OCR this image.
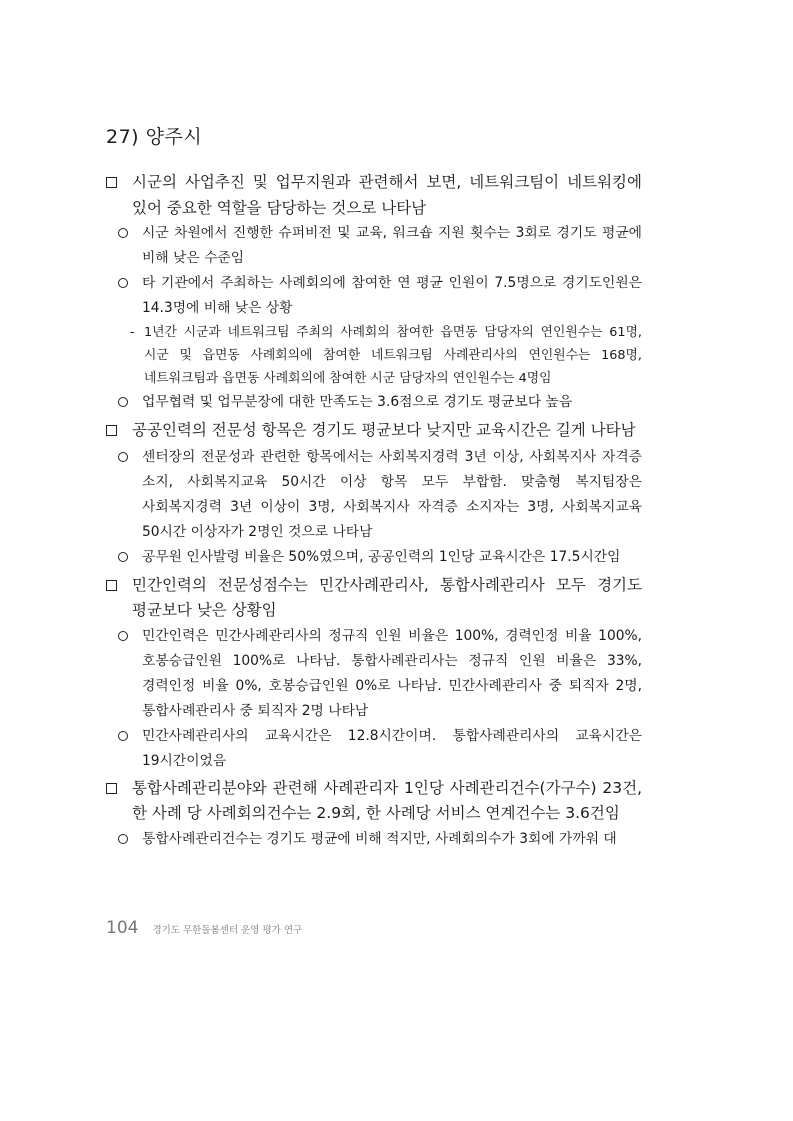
27) 양주시
시군의 사업추진 및 업무지원과 관련해서 보면, 네트워크팀이 네트워킹에 있어 중요한 역할을 담당하는 것으로 나타남
시군 차원에서 진행한 슈퍼비전 및 교육, 워크숍 지원 횟수는 3회로 경기도 평균에 비해 낮은 수준임
타 기관에서 주최하는 사례회의에 참여한 연 평균 인원이 7.5명으로 경기도인원은 14.3명에 비해 낮은 상황
- 1년간 시군과 네트워크팀 주최의 사례회의 참여한 읍면동 담당자의 연인원수는 61명, 시군 및 읍면동 사례회의에 참여한 네트워크팀 사례관리사의 연인원수는 168명, 네트워크팀과 읍면동 사례회의에 참여한 시군 담당자의 연인원수는 4명임
업무협력 및 업무분장에 대한 만족도는 3.6점으로 경기도 평균보다 높음
공공인력의 전문성 항목은 경기도 평균보다 낮지만 교육시간은 길게 나타남
센터장의 전문성과 관련한 항목에서는 사회복지경력 3년 이상, 사회복지사 자격증 소지, 사회복지교육 50시간 이상 항목 모두 부합함. 맞춤형 복지팀장은 사회복지경력 3년 이상이 3명, 사회복지사 자격증 소지자는 3명, 사회복지교육 50시간 이상자가 2명인 것으로 나타남
공무원 인사발령 비율은 50%였으며, 공공인력의 1인당 교육시간은 17.5시간임
민간인력의 전문성점수는 민간사례관리사, 통합사례관리사 모두 경기도 평균보다 낮은 상황임
민간인력은 민간사례관리사의 정규직 인원 비율은 100%, 경력인정 비율 100%, 호봉승급인원 100%로 나타남. 통합사례관리사는 정규직 인원 비율은 33%, 경력인정 비율 0%, 호봉승급인원 0%로 나타남. 민간사례관리사 중 퇴직자 2명, 통합사례관리사 중 퇴직자 2명 나타남
민간사례관리사의 교육시간은 12.8시간이며. 통합사례관리사의 교육시간은 19시간이었음
통합사례관리분야와 관련해 사례관리자 1인당 사례관리건수(가구수) 23건, 한 사례 당 사례회의건수는 2.9회, 한 사례당 서비스 연계건수는 3.6건임
통합사례관리건수는 경기도 평균에 비해 적지만, 사례회의수가 3회에 가까워 대
104 경기도 무한돌봄센터 운영 평가 연구
